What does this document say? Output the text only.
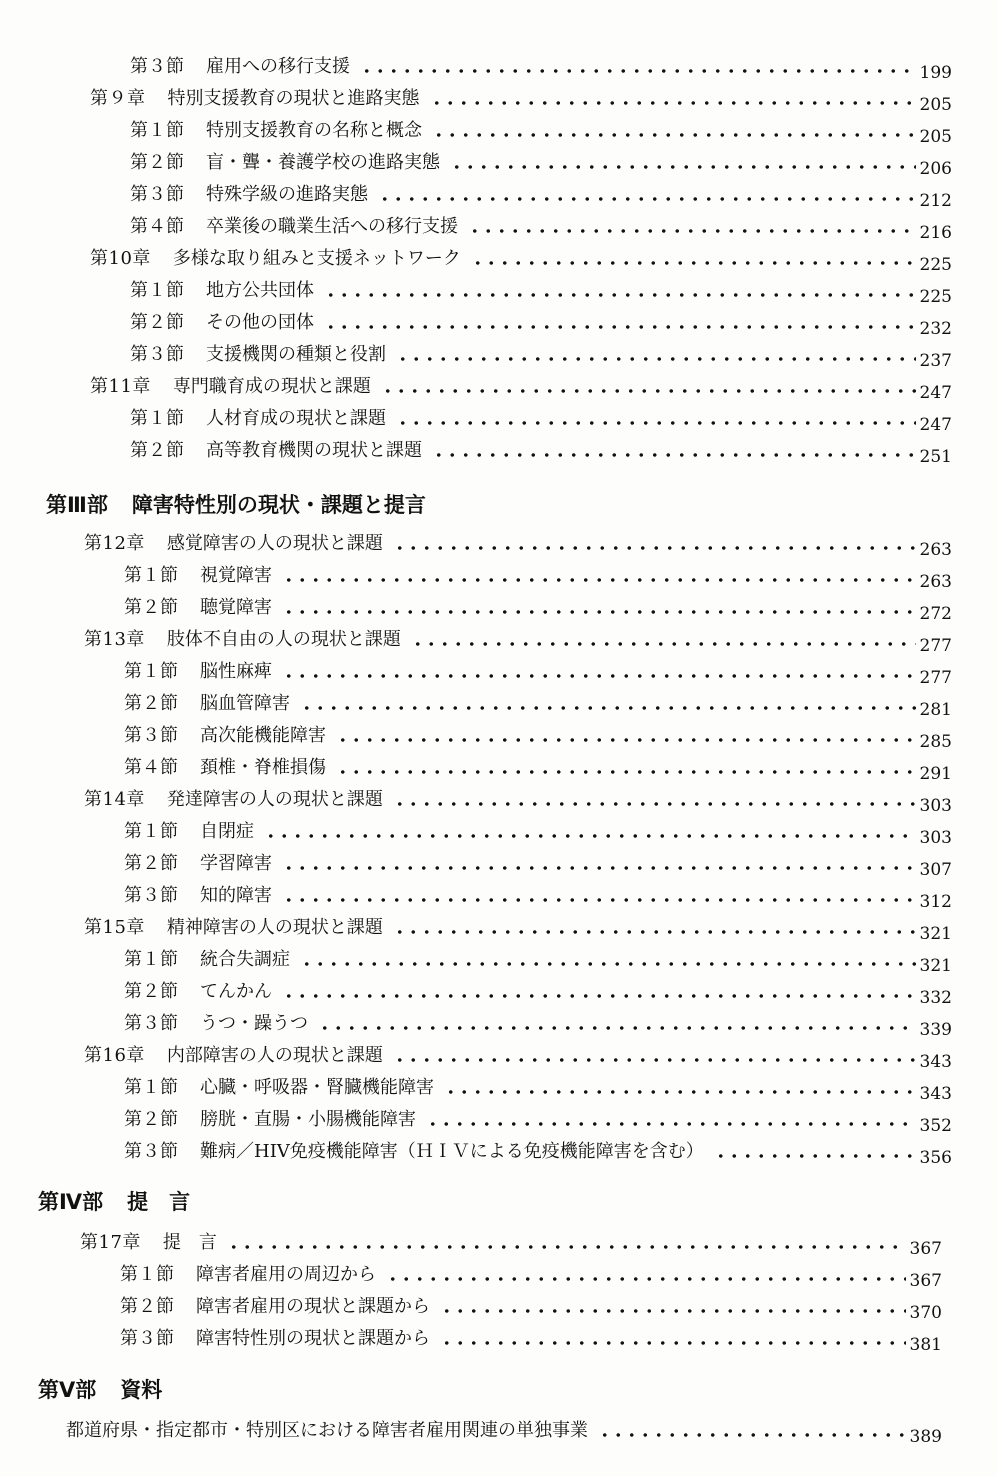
第３節 雇用への移行支援	199
第９章 特別支援教育の現状と進路実態	205
第１節 特別支援教育の名称と概念	205
第２節 盲・聾・養護学校の進路実態	206
第３節 特殊学級の進路実態	212
第４節 卒業後の職業生活への移行支援	216
第10章 多様な取り組みと支援ネットワーク	225
第１節 地方公共団体	225
第２節 その他の団体	232
第３節 支援機関の種類と役割	237
第11章 専門職育成の現状と課題	247
第１節 人材育成の現状と課題	247
第２節 高等教育機関の現状と課題	251
第Ⅲ部 障害特性別の現状・課題と提言
第12章 感覚障害の人の現状と課題	263
第１節 視覚障害	263
第２節 聴覚障害	272
第13章 肢体不自由の人の現状と課題	277
第１節 脳性麻痺	277
第２節 脳血管障害	281
第３節 高次能機能障害	285
第４節 頚椎・脊椎損傷	291
第14章 発達障害の人の現状と課題	303
第１節 自閉症	303
第２節 学習障害	307
第３節 知的障害	312
第15章 精神障害の人の現状と課題	321
第１節 統合失調症	321
第２節 てんかん	332
第３節 うつ・躁うつ	339
第16章 内部障害の人の現状と課題	343
第１節 心臓・呼吸器・腎臓機能障害	343
第２節 膀胱・直腸・小腸機能障害	352
第３節 難病／HIV免疫機能障害（ＨＩＶによる免疫機能障害を含む）	356
第Ⅳ部 提　言
第17章 提　言	367
第１節 障害者雇用の周辺から	367
第２節 障害者雇用の現状と課題から	370
第３節 障害特性別の現状と課題から	381
第Ⅴ部 資料
都道府県・指定都市・特別区における障害者雇用関連の単独事業	389
